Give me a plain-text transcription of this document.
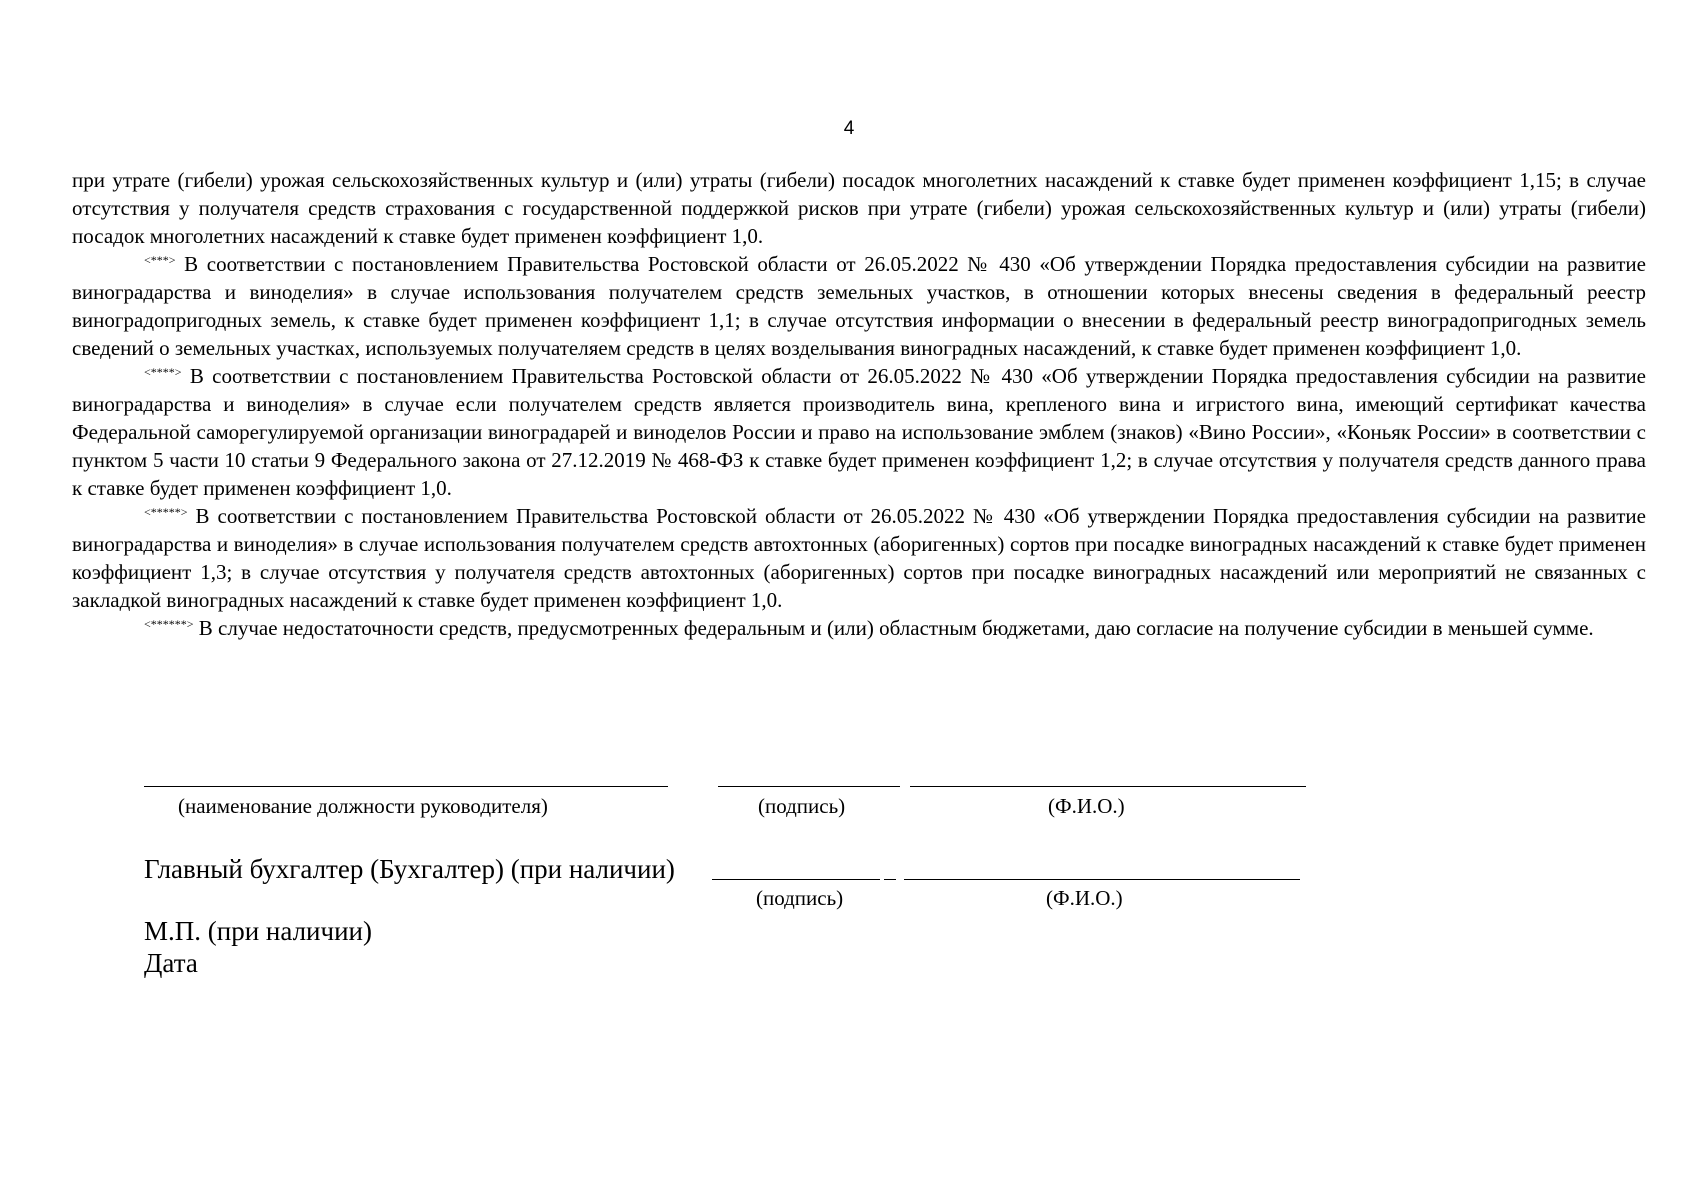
4

при утрате (гибели) урожая сельскохозяйственных культур и (или) утраты (гибели) посадок многолетних насаждений к ставке будет применен коэффициент 1,15; в случае отсутствия у получателя средств страхования с государственной поддержкой рисков при утрате (гибели) урожая сельскохозяйственных культур и (или) утраты (гибели) посадок многолетних насаждений к ставке будет применен коэффициент 1,0.

<***> В соответствии с постановлением Правительства Ростовской области от 26.05.2022 № 430 «Об утверждении Порядка предоставления субсидии на развитие виноградарства и виноделия» в случае использования получателем средств земельных участков, в отношении которых внесены сведения в федеральный реестр виноградопригодных земель, к ставке будет применен коэффициент 1,1; в случае отсутствия информации о внесении в федеральный реестр виноградопригодных земель сведений о земельных участках, используемых получателяем средств в целях возделывания виноградных насаждений, к ставке будет применен коэффициент 1,0.

<****> В соответствии с постановлением Правительства Ростовской области от 26.05.2022 № 430 «Об утверждении Порядка предоставления субсидии на развитие виноградарства и виноделия» в случае если получателем средств является производитель вина, крепленого вина и игристого вина, имеющий сертификат качества Федеральной саморегулируемой организации виноградарей и виноделов России и право на использование эмблем (знаков) «Вино России», «Коньяк России» в соответствии с пунктом 5 части 10 статьи 9 Федерального закона от 27.12.2019 № 468-ФЗ к ставке будет применен коэффициент 1,2; в случае отсутствия у получателя средств данного права к ставке будет применен коэффициент 1,0.

<*****> В соответствии с постановлением Правительства Ростовской области от 26.05.2022 № 430 «Об утверждении Порядка предоставления субсидии на развитие виноградарства и виноделия» в случае использования получателем средств автохтонных (аборигенных) сортов при посадке виноградных насаждений к ставке будет применен коэффициент 1,3; в случае отсутствия у получателя средств автохтонных (аборигенных) сортов при посадке виноградных насаждений или мероприятий не связанных с закладкой виноградных насаждений к ставке будет применен коэффициент 1,0.

<******> В случае недостаточности средств, предусмотренных федеральным и (или) областным бюджетами, даю согласие на получение субсидии в меньшей сумме.

(наименование должности руководителя)	(подпись)	(Ф.И.О.)
Главный бухгалтер (Бухгалтер) (при наличии)
(подпись)	(Ф.И.О.)
М.П. (при наличии)
Дата
